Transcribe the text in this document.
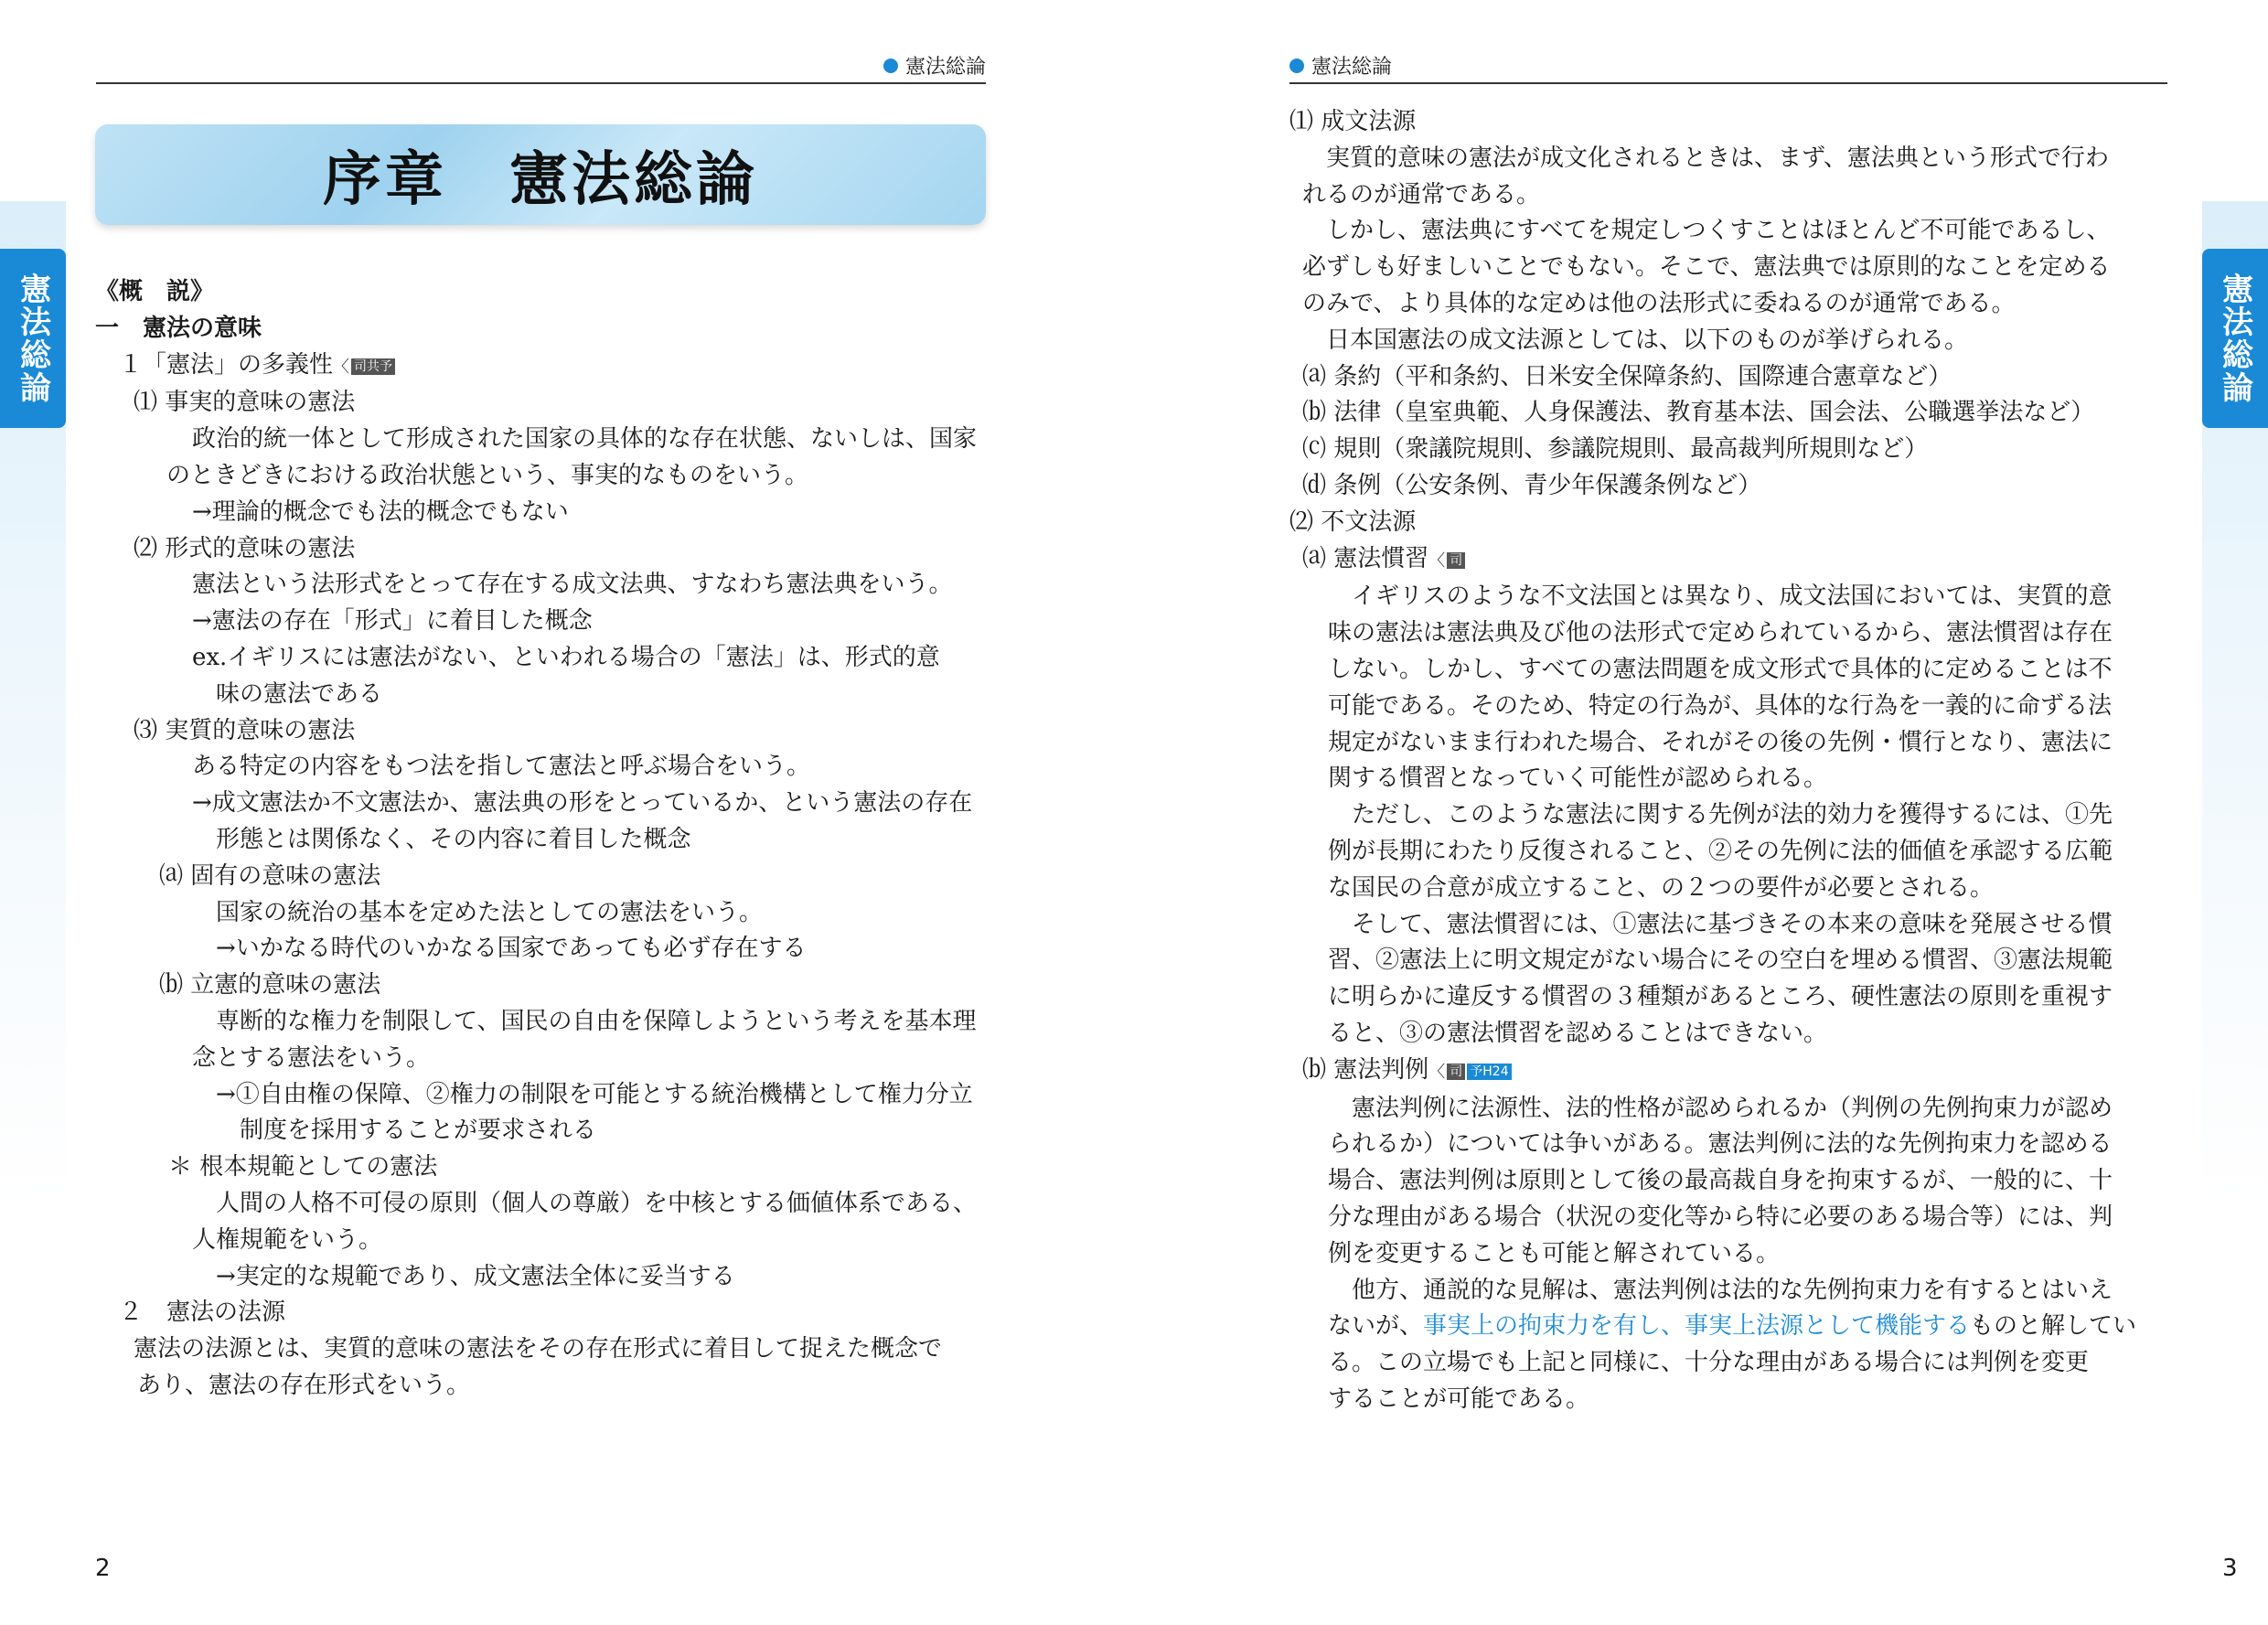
憲法総論
憲法総論
序章　憲法総論
《概　説》
一　憲法の意味
１「憲法」の多義性〈 司共予
⑴ 事実的意味の憲法
政治的統一体として形成された国家の具体的な存在状態、ないしは、国家
のときどきにおける政治状態という、事実的なものをいう。
→理論的概念でも法的概念でもない
⑵ 形式的意味の憲法
憲法という法形式をとって存在する成文法典、すなわち憲法典をいう。
→憲法の存在「形式」に着目した概念
ex.イギリスには憲法がない、といわれる場合の「憲法」は、形式的意
味の憲法である
⑶ 実質的意味の憲法
ある特定の内容をもつ法を指して憲法と呼ぶ場合をいう。
→成文憲法か不文憲法か、憲法典の形をとっているか、という憲法の存在
形態とは関係なく、その内容に着目した概念
⒜ 固有の意味の憲法
国家の統治の基本を定めた法としての憲法をいう。
→いかなる時代のいかなる国家であっても必ず存在する
⒝ 立憲的意味の憲法
専断的な権力を制限して、国民の自由を保障しようという考えを基本理
念とする憲法をいう。
→①自由権の保障、②権力の制限を可能とする統治機構として権力分立
制度を採用することが要求される
＊ 根本規範としての憲法
人間の人格不可侵の原則（個人の尊厳）を中核とする価値体系である、
人権規範をいう。
→実定的な規範であり、成文憲法全体に妥当する
２　憲法の法源
憲法の法源とは、実質的意味の憲法をその存在形式に着目して捉えた概念で
あり、憲法の存在形式をいう。
2
憲法総論
憲法総論
⑴ 成文法源
実質的意味の憲法が成文化されるときは、まず、憲法典という形式で行わ
れるのが通常である。
しかし、憲法典にすべてを規定しつくすことはほとんど不可能であるし、
必ずしも好ましいことでもない。そこで、憲法典では原則的なことを定める
のみで、より具体的な定めは他の法形式に委ねるのが通常である。
日本国憲法の成文法源としては、以下のものが挙げられる。
⒜ 条約（平和条約、日米安全保障条約、国際連合憲章など）
⒝ 法律（皇室典範、人身保護法、教育基本法、国会法、公職選挙法など）
⒞ 規則（衆議院規則、参議院規則、最高裁判所規則など）
⒟ 条例（公安条例、青少年保護条例など）
⑵ 不文法源
⒜ 憲法慣習〈 司
イギリスのような不文法国とは異なり、成文法国においては、実質的意
味の憲法は憲法典及び他の法形式で定められているから、憲法慣習は存在
しない。しかし、すべての憲法問題を成文形式で具体的に定めることは不
可能である。そのため、特定の行為が、具体的な行為を一義的に命ずる法
規定がないまま行われた場合、それがその後の先例・慣行となり、憲法に
関する慣習となっていく可能性が認められる。
ただし、このような憲法に関する先例が法的効力を獲得するには、①先
例が長期にわたり反復されること、②その先例に法的価値を承認する広範
な国民の合意が成立すること、の２つの要件が必要とされる。
そして、憲法慣習には、①憲法に基づきその本来の意味を発展させる慣
習、②憲法上に明文規定がない場合にその空白を埋める慣習、③憲法規範
に明らかに違反する慣習の３種類があるところ、硬性憲法の原則を重視す
ると、③の憲法慣習を認めることはできない。
⒝ 憲法判例〈 司 予H24
憲法判例に法源性、法的性格が認められるか（判例の先例拘束力が認め
られるか）については争いがある。憲法判例に法的な先例拘束力を認める
場合、憲法判例は原則として後の最高裁自身を拘束するが、一般的に、十
分な理由がある場合（状況の変化等から特に必要のある場合等）には、判
例を変更することも可能と解されている。
他方、通説的な見解は、憲法判例は法的な先例拘束力を有するとはいえ
ないが、事実上の拘束力を有し、事実上法源として機能するものと解してい
る。この立場でも上記と同様に、十分な理由がある場合には判例を変更
することが可能である。
3
